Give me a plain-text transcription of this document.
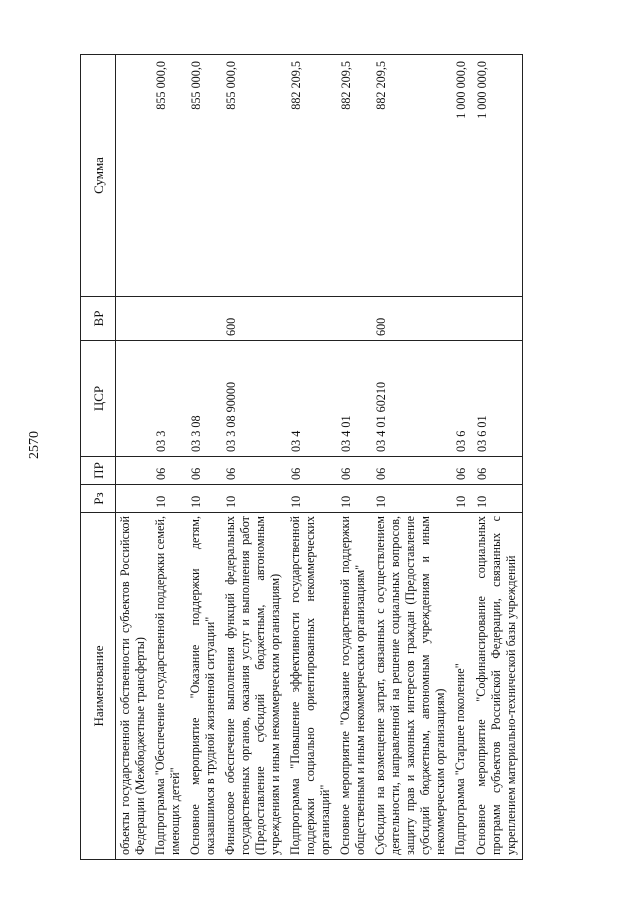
2570
Наименование	Рз	ПР	ЦСР	ВР	Сумма
объекты государственной собственности субъектов Российской Федерации (Межбюджетные трансферты)					
Подпрограмма "Обеспечение государственной поддержки семей, имеющих детей"	10	06	03 3		855 000,0
Основное мероприятие "Оказание поддержки детям, оказавшимся в трудной жизненной ситуации"	10	06	03 3 08		855 000,0
Финансовое обеспечение выполнения функций федеральных государственных органов, оказания услуг и выполнения работ (Предоставление субсидий бюджетным, автономным учреждениям и иным некоммерческим организациям)	10	06	03 3 08 90000	600	855 000,0
Подпрограмма "Повышение эффективности государственной поддержки социально ориентированных некоммерческих организаций"	10	06	03 4		882 209,5
Основное мероприятие "Оказание государственной поддержки общественным и иным некоммерческим организациям"	10	06	03 4 01		882 209,5
Субсидии на возмещение затрат, связанных с осуществлением деятельности, направленной на решение социальных вопросов, защиту прав и законных интересов граждан (Предоставление субсидий бюджетным, автономным учреждениям и иным некоммерческим организациям)	10	06	03 4 01 60210	600	882 209,5
Подпрограмма "Старшее поколение"	10	06	03 6		1 000 000,0
Основное мероприятие "Софинансирование социальных программ субъектов Российской Федерации, связанных с укреплением материально-технической базы учреждений	10	06	03 6 01		1 000 000,0
